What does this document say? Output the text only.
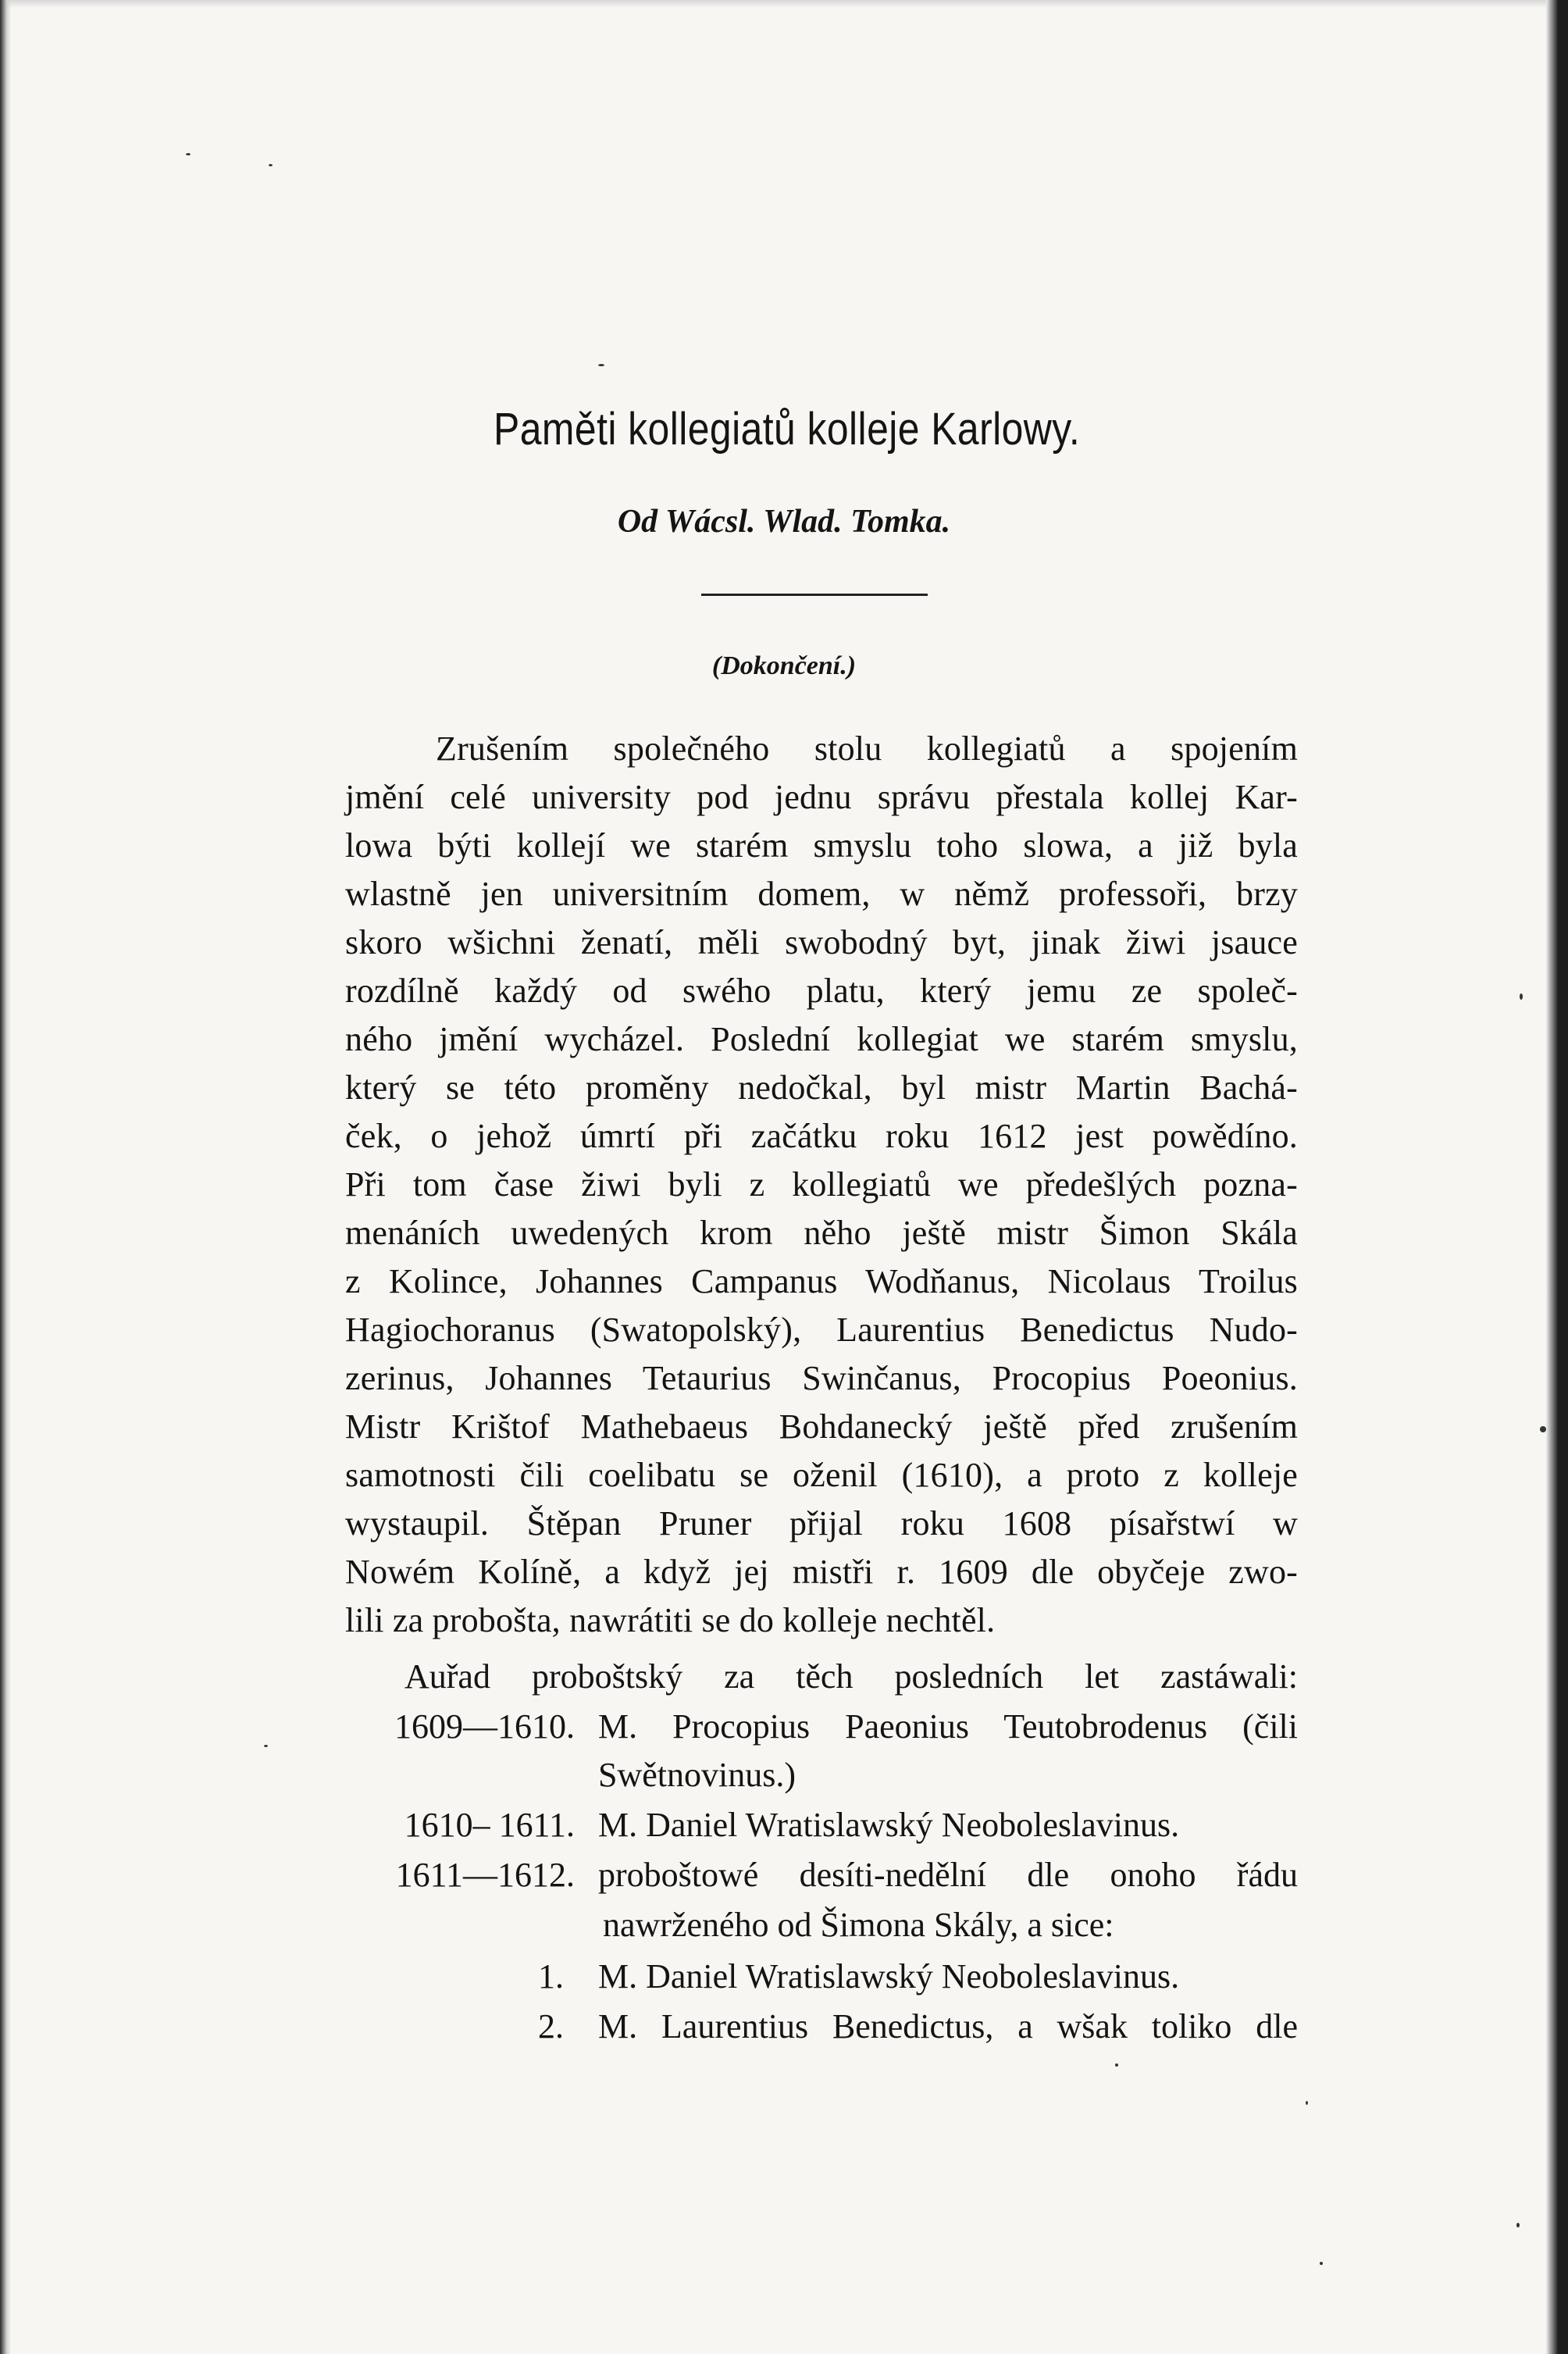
Paměti kollegiatů kolleje Karlowy.
Od Wácsl. Wlad. Tomka.
(Dokončení.)
Zrušením společného stolu kollegiatů a spojením
jmění celé university pod jednu správu přestala kollej Kar-
lowa býti kollejí we starém smyslu toho slowa, a již byla
wlastně jen universitním domem, w němž professoři, brzy
skoro wšichni ženatí, měli swobodný byt, jinak žiwi jsauce
rozdílně každý od swého platu, který jemu ze společ-
ného jmění wycházel. Poslední kollegiat we starém smyslu,
který se této proměny nedočkal, byl mistr Martin Bachá-
ček, o jehož úmrtí při začátku roku 1612 jest powědíno.
Při tom čase žiwi byli z kollegiatů we předešlých pozna-
menáních uwedených krom něho ještě mistr Šimon Skála
z Kolince, Johannes Campanus Wodňanus, Nicolaus Troilus
Hagiochoranus (Swatopolský), Laurentius Benedictus Nudo-
zerinus, Johannes Tetaurius Swinčanus, Procopius Poeonius.
Mistr Krištof Mathebaeus Bohdanecký ještě před zrušením
samotnosti čili coelibatu se oženil (1610), a proto z kolleje
wystaupil. Štěpan Pruner přijal roku 1608 písařstwí w
Nowém Kolíně, a když jej mistři r. 1609 dle obyčeje zwo-
lili za probošta, nawrátiti se do kolleje nechtěl.
Auřad proboštský za těch posledních let zastáwali:
1609—1610. M. Procopius Paeonius Teutobrodenus (čili
Swětnovinus.)
1610– 1611. M. Daniel Wratislawský Neoboleslavinus.
1611—1612. proboštowé desíti-nedělní dle onoho řádu
nawrženého od Šimona Skály, a sice:
1. M. Daniel Wratislawský Neoboleslavinus.
2. M. Laurentius Benedictus, a wšak toliko dle
